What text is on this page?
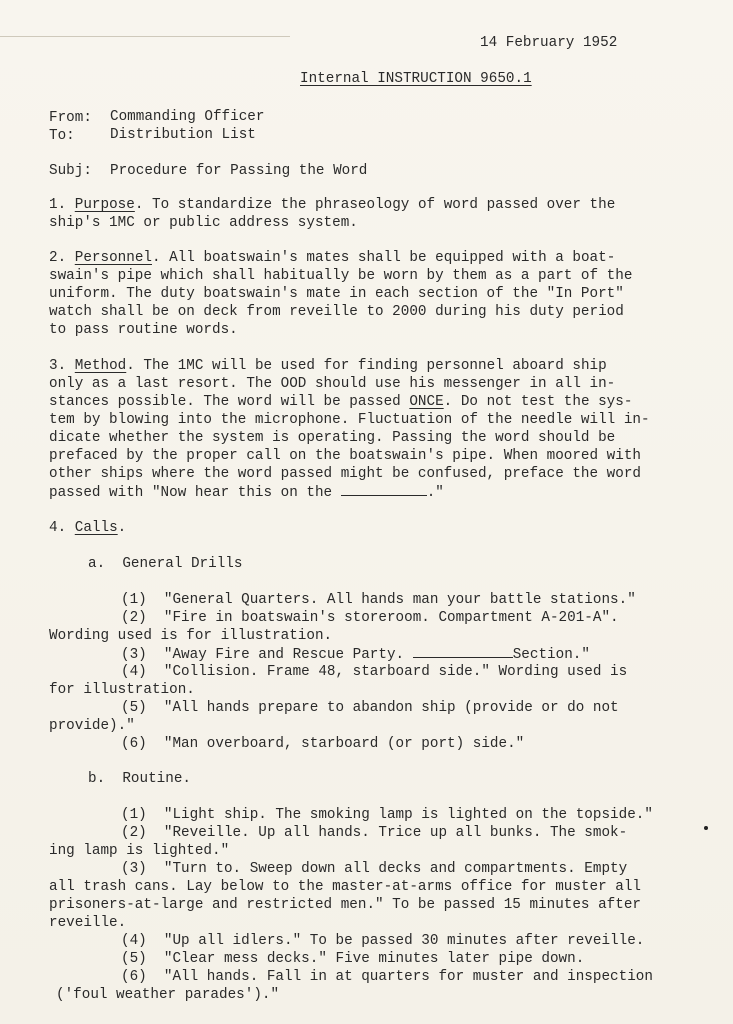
14 February 1952
Internal INSTRUCTION 9650.1
From: Commanding Officer
To: Distribution List
Subj: Procedure for Passing the Word
1. Purpose. To standardize the phraseology of word passed over the
ship's 1MC or public address system.
2. Personnel. All boatswain's mates shall be equipped with a boat-
swain's pipe which shall habitually be worn by them as a part of the
uniform. The duty boatswain's mate in each section of the "In Port"
watch shall be on deck from reveille to 2000 during his duty period
to pass routine words.
3. Method. The 1MC will be used for finding personnel aboard ship
only as a last resort. The OOD should use his messenger in all in-
stances possible. The word will be passed ONCE. Do not test the sys-
tem by blowing into the microphone. Fluctuation of the needle will in-
dicate whether the system is operating. Passing the word should be
prefaced by the proper call on the boatswain's pipe. When moored with
other ships where the word passed might be confused, preface the word
passed with "Now hear this on the	."
4. Calls.
a. General Drills
(1)  "General Quarters. All hands man your battle stations."
(2)  "Fire in boatswain's storeroom. Compartment A-201-A".
Wording used is for illustration.
(3)  "Away Fire and Rescue Party.	Section."
(4)  "Collision. Frame 48, starboard side." Wording used is
for illustration.
(5)  "All hands prepare to abandon ship (provide or do not
provide)."
(6)  "Man overboard, starboard (or port) side."
b. Routine.
(1)  "Light ship. The smoking lamp is lighted on the topside."
(2)  "Reveille. Up all hands. Trice up all bunks. The smok-
ing lamp is lighted."
(3)  "Turn to. Sweep down all decks and compartments. Empty
all trash cans. Lay below to the master-at-arms office for muster all
prisoners-at-large and restricted men." To be passed 15 minutes after
reveille.
(4)  "Up all idlers." To be passed 30 minutes after reveille.
(5)  "Clear mess decks." Five minutes later pipe down.
(6)  "All hands. Fall in at quarters for muster and inspection
('foul weather parades')."
